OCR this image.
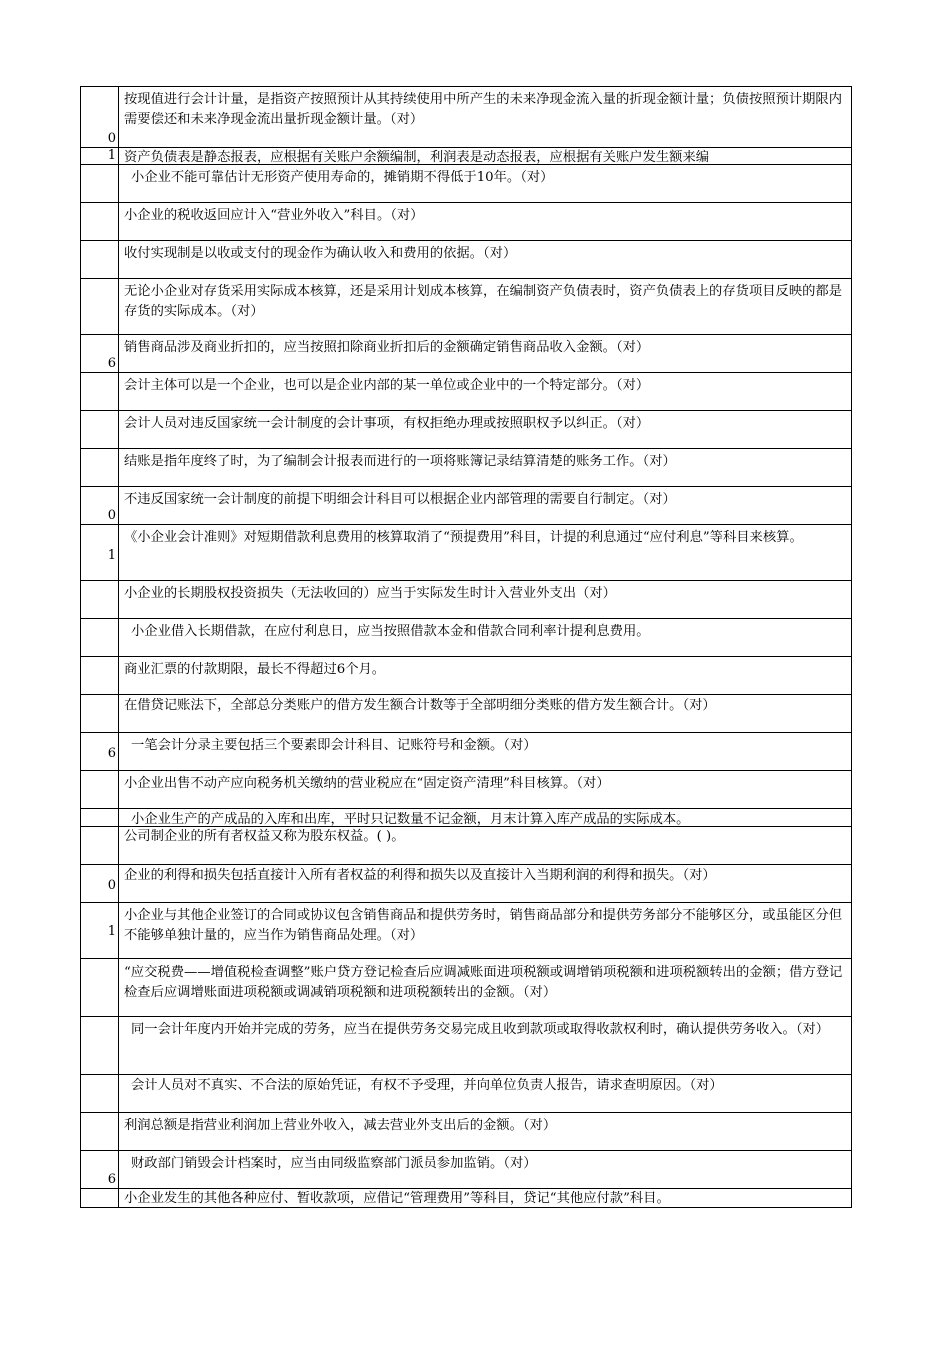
0
按现值进行会计计量，是指资产按照预计从其持续使用中所产生的未来净现金流入量的折现金额计量；负债按照预计期限内需要偿还和未来净现金流出量折现金额计量。（对）
1 资产负债表是静态报表，应根据有关账户余额编制，利润表是动态报表，应根据有关账户发生额来编
小企业不能可靠估计无形资产使用寿命的，摊销期不得低于10年。（对）
小企业的税收返回应计入“营业外收入”科目。（对）
收付实现制是以收或支付的现金作为确认收入和费用的依据。（对）
无论小企业对存货采用实际成本核算，还是采用计划成本核算，在编制资产负债表时，资产负债表上的存货项目反映的都是存货的实际成本。（对）
6
销售商品涉及商业折扣的，应当按照扣除商业折扣后的金额确定销售商品收入金额。（对）
会计主体可以是一个企业，也可以是企业内部的某一单位或企业中的一个特定部分。（对）
会计人员对违反国家统一会计制度的会计事项，有权拒绝办理或按照职权予以纠正。（对）
结账是指年度终了时，为了编制会计报表而进行的一项将账簿记录结算清楚的账务工作。（对）
0
不违反国家统一会计制度的前提下明细会计科目可以根据企业内部管理的需要自行制定。（对）
1
《小企业会计准则》对短期借款利息费用的核算取消了“预提费用”科目，计提的利息通过“应付利息”等科目来核算。
小企业的长期股权投资损失（无法收回的）应当于实际发生时计入营业外支出（对）
小企业借入长期借款，在应付利息日，应当按照借款本金和借款合同利率计提利息费用。
商业汇票的付款期限，最长不得超过6个月。
在借贷记账法下，全部总分类账户的借方发生额合计数等于全部明细分类账的借方发生额合计。（对）
6
一笔会计分录主要包括三个要素即会计科目、记账符号和金额。（对）
小企业出售不动产应向税务机关缴纳的营业税应在“固定资产清理”科目核算。（对）
小企业生产的产成品的入库和出库，平时只记数量不记金额，月末计算入库产成品的实际成本。
公司制企业的所有者权益又称为股东权益。( )。
0
企业的利得和损失包括直接计入所有者权益的利得和损失以及直接计入当期利润的利得和损失。（对）
1
小企业与其他企业签订的合同或协议包含销售商品和提供劳务时，销售商品部分和提供劳务部分不能够区分，或虽能区分但不能够单独计量的，应当作为销售商品处理。（对）
“应交税费——增值税检查调整”账户贷方登记检查后应调减账面进项税额或调增销项税额和进项税额转出的金额；借方登记检查后应调增账面进项税额或调减销项税额和进项税额转出的金额。（对）
同一会计年度内开始并完成的劳务，应当在提供劳务交易完成且收到款项或取得收款权利时，确认提供劳务收入。（对）
会计人员对不真实、不合法的原始凭证，有权不予受理，并向单位负责人报告，请求查明原因。（对）
利润总额是指营业利润加上营业外收入，减去营业外支出后的金额。（对）
6
财政部门销毁会计档案时，应当由同级监察部门派员参加监销。（对）
小企业发生的其他各种应付、暂收款项，应借记“管理费用”等科目，贷记“其他应付款”科目。
